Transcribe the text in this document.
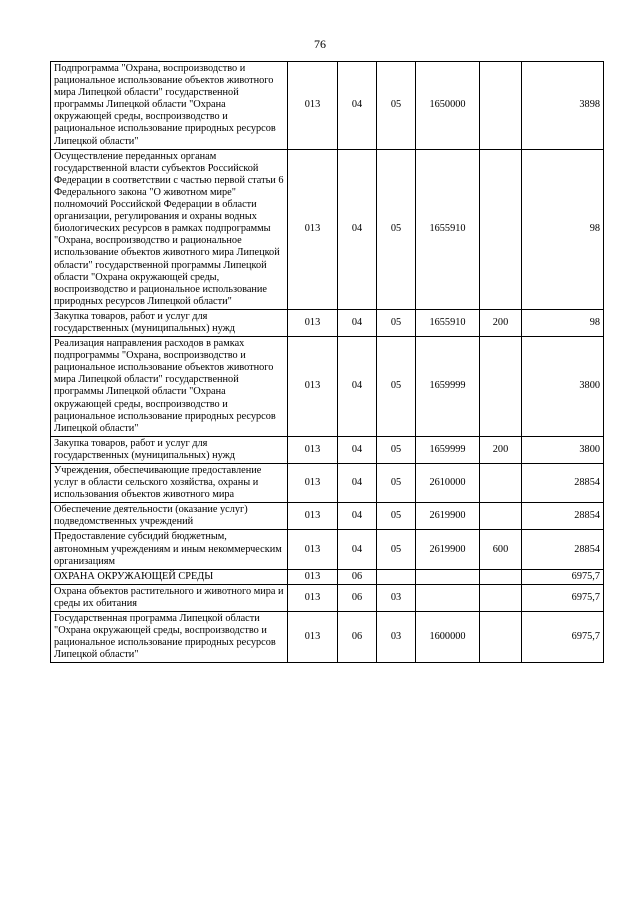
76
Подпрограмма "Охрана, воспроизводство и рациональное использование объектов животного мира Липецкой области" государственной программы Липецкой области "Охрана окружающей среды, воспроизводство и рациональное использование природных ресурсов Липецкой области"	013	04	05	1650000		3898
Осуществление переданных органам государственной власти субъектов Российской Федерации в соответствии с частью первой статьи 6 Федерального закона "О животном мире" полномочий Российской Федерации в области организации, регулирования и охраны водных биологических ресурсов в рамках подпрограммы "Охрана, воспроизводство и рациональное использование объектов животного мира Липецкой области" государственной программы Липецкой области "Охрана окружающей среды, воспроизводство и рациональное использование природных ресурсов Липецкой области"	013	04	05	1655910		98
Закупка товаров, работ и услуг для государственных (муниципальных) нужд	013	04	05	1655910	200	98
Реализация направления расходов в рамках подпрограммы "Охрана, воспроизводство и рациональное использование объектов животного мира Липецкой области" государственной программы Липецкой области "Охрана окружающей среды, воспроизводство и рациональное использование природных ресурсов Липецкой области"	013	04	05	1659999		3800
Закупка товаров, работ и услуг для государственных (муниципальных) нужд	013	04	05	1659999	200	3800
Учреждения, обеспечивающие предоставление услуг в области сельского хозяйства, охраны и использования объектов животного мира	013	04	05	2610000		28854
Обеспечение деятельности (оказание услуг) подведомственных учреждений	013	04	05	2619900		28854
Предоставление субсидий бюджетным, автономным учреждениям и иным некоммерческим организациям	013	04	05	2619900	600	28854
ОХРАНА ОКРУЖАЮЩЕЙ СРЕДЫ	013	06				6975,7
Охрана объектов растительного и животного мира и среды их обитания	013	06	03			6975,7
Государственная программа Липецкой области "Охрана окружающей среды, воспроизводство и рациональное использование природных ресурсов Липецкой области"	013	06	03	1600000		6975,7
